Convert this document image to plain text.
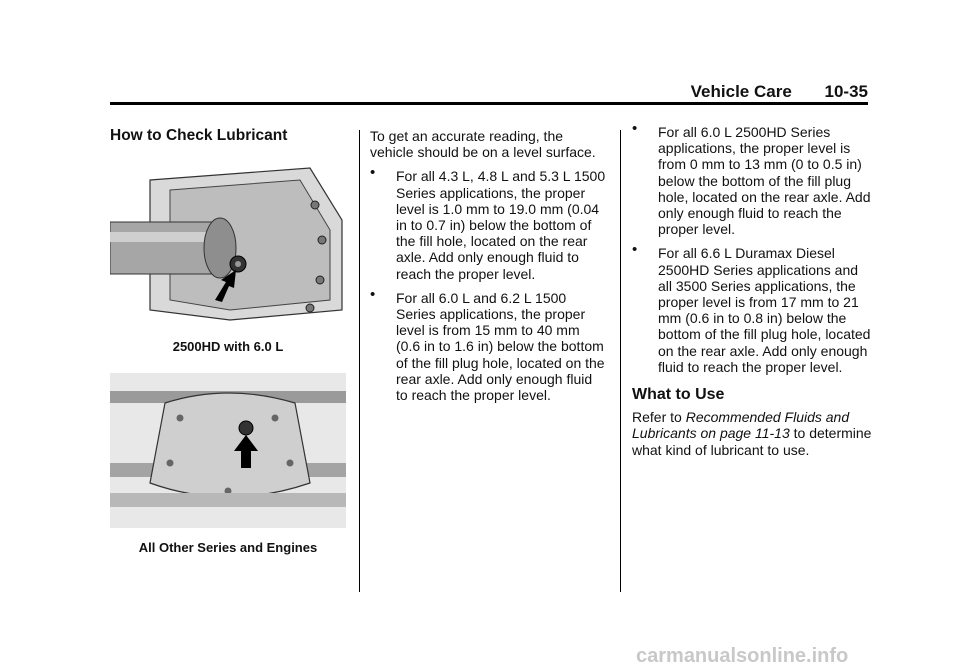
Vehicle Care 10-35
How to Check Lubricant
2500HD with 6.0 L
All Other Series and Engines

To get an accurate reading, the vehicle should be on a level surface.

• For all 4.3 L, 4.8 L and 5.3 L 1500 Series applications, the proper level is 1.0 mm to 19.0 mm (0.04 in to 0.7 in) below the bottom of the fill hole, located on the rear axle. Add only enough fluid to reach the proper level.
• For all 6.0 L and 6.2 L 1500 Series applications, the proper level is from 15 mm to 40 mm (0.6 in to 1.6 in) below the bottom of the fill plug hole, located on the rear axle. Add only enough fluid to reach the proper level.
• For all 6.0 L 2500HD Series applications, the proper level is from 0 mm to 13 mm (0 to 0.5 in) below the bottom of the fill plug hole, located on the rear axle. Add only enough fluid to reach the proper level.
• For all 6.6 L Duramax Diesel 2500HD Series applications and all 3500 Series applications, the proper level is from 17 mm to 21 mm (0.6 in to 0.8 in) below the bottom of the fill plug hole, located on the rear axle. Add only enough fluid to reach the proper level.
What to Use

Refer to Recommended Fluids and Lubricants on page 11-13 to determine what kind of lubricant to use.

carmanualsonline.info
